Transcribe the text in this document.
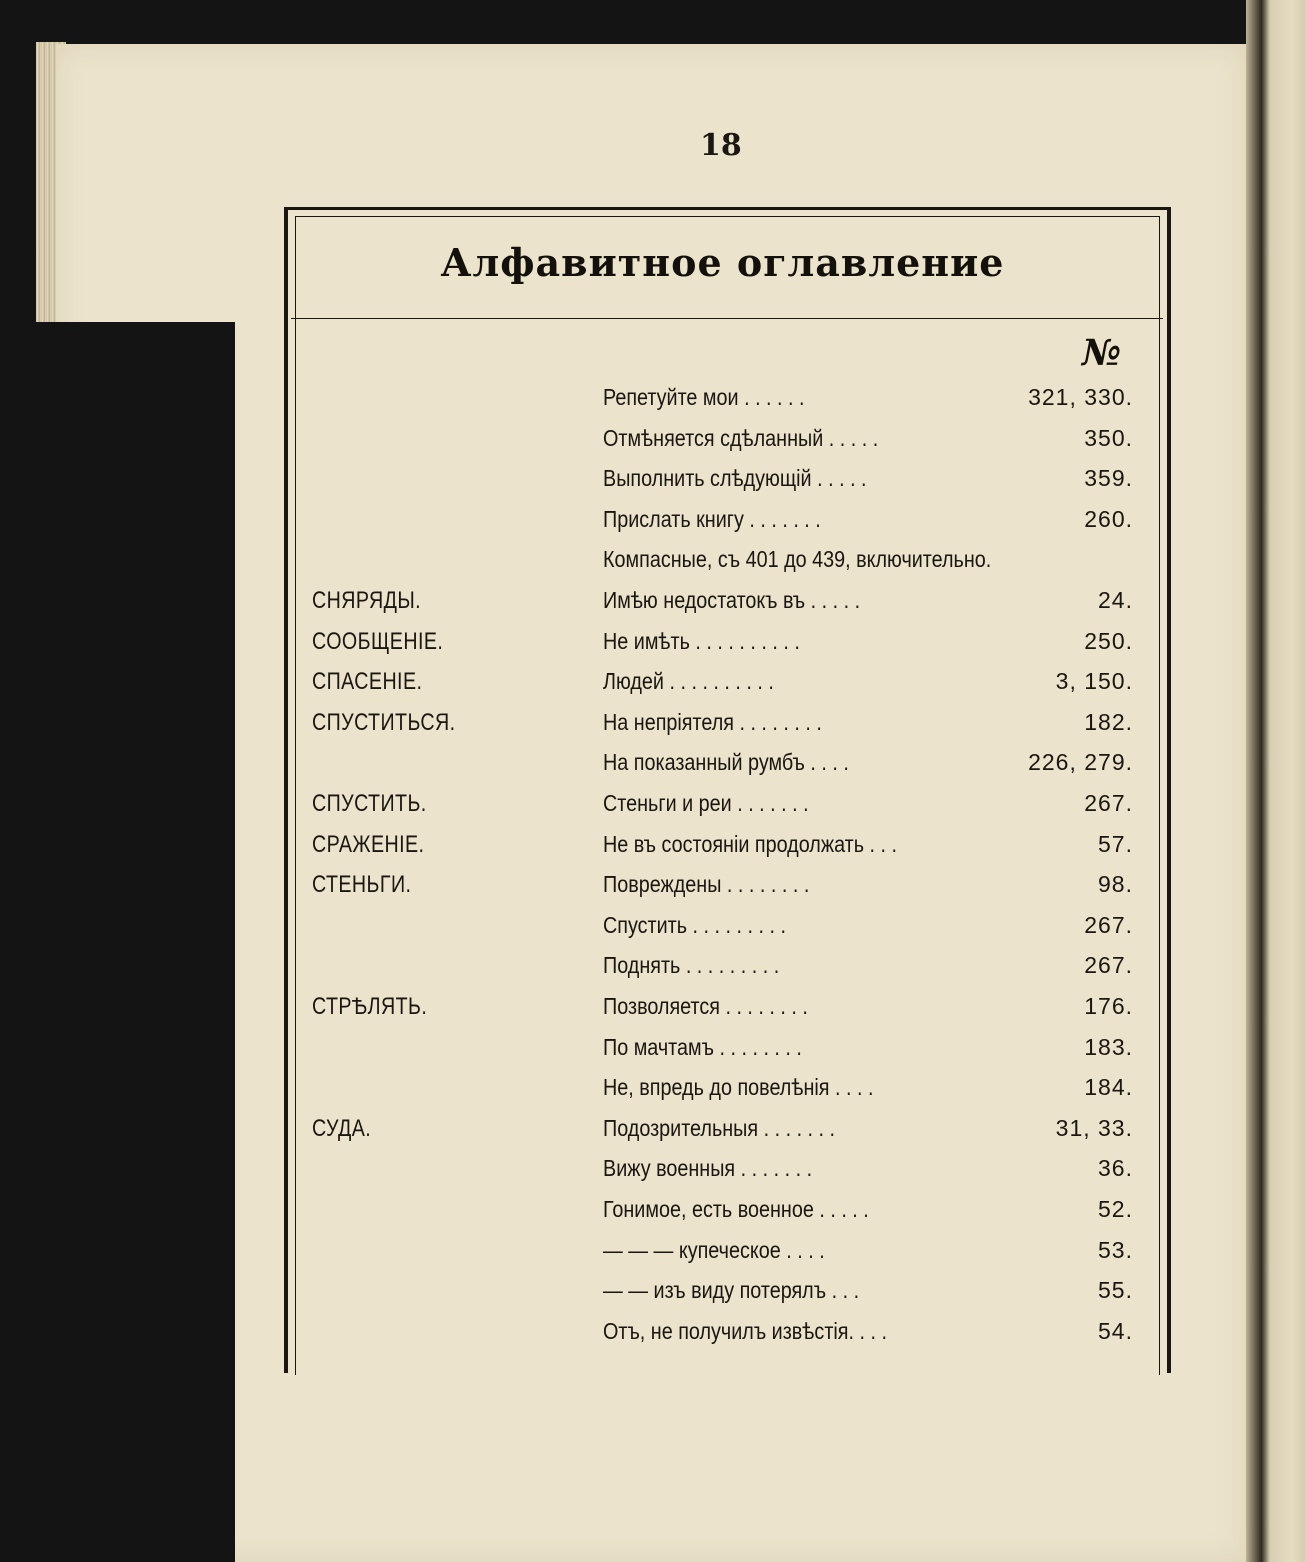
18
Алфавитное оглавление
№
Репетуйте мои . . . . . .	321, 330.
Отмѣняется сдѣланный . . . . .	350.
Выполнить слѣдующій . . . . .	359.
Прислать книгу . . . . . . .	260.
Компасные, съ 401 до 439, включительно.
СНЯРЯДЫ.	Имѣю недостатокъ въ . . . . .	24.
СООБЩЕНІЕ.	Не имѣть . . . . . . . . . .	250.
СПАСЕНІЕ.	Людей . . . . . . . . . .	3, 150.
СПУСТИТЬСЯ.	На непріятеля . . . . . . . .	182.
На показанный румбъ . . . .	226, 279.
СПУСТИТЬ.	Стеньги и реи . . . . . . .	267.
СРАЖЕНІЕ.	Не въ состояніи продолжать . . .	57.
СТЕНЬГИ.	Повреждены . . . . . . . .	98.
Спустить . . . . . . . . .	267.
Поднять . . . . . . . . .	267.
СТРѢЛЯТЬ.	Позволяется . . . . . . . .	176.
По мачтамъ . . . . . . . .	183.
Не, впредь до повелѣнія . . . .	184.
СУДА.	Подозрительныя . . . . . . .	31, 33.
Вижу военныя . . . . . . .	36.
Гонимое, есть военное . . . . .	52.
— — — купеческое . . . .	53.
— — изъ виду потерялъ . . .	55.
Отъ, не получилъ извѣстія. . . .	54.
